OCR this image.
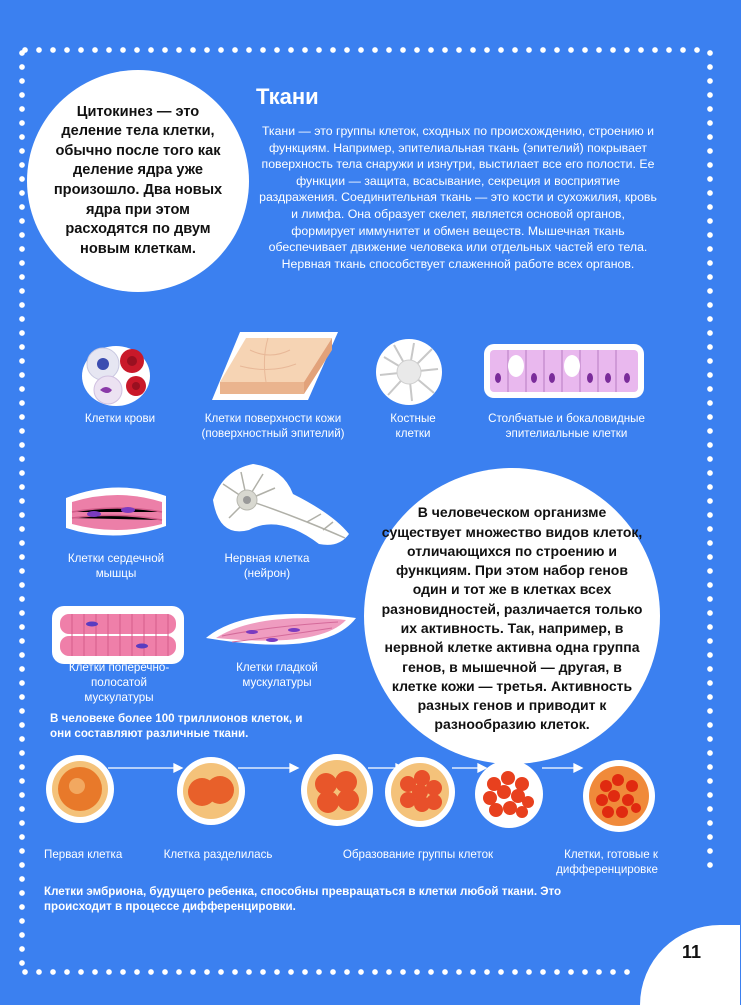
Цитокинез — это деление тела клетки, обычно после того как деление ядра уже произошло. Два новых ядра при этом расходятся по двум новым клеткам.

Ткани
Ткани — это группы клеток, сходных по происхождению, строению и функциям. Например, эпителиальная ткань (эпителий) покрывает поверхность тела снаружи и изнутри, выстилает все его полости. Ее функции — защита, всасывание, секреция и восприятие раздражения. Соединительная ткань — это кости и сухожилия, кровь и лимфа. Она образует скелет, является основой органов, формирует иммунитет и обмен веществ. Мышечная ткань обеспечивает движение человека или отдельных частей его тела. Нервная ткань способствует слаженной работе всех органов.
Клетки крови	Клетки поверхности кожи (поверхностный эпителий)
Костные клетки
Столбчатые и бокаловидные эпителиальные клетки
Клетки сердечной мышцы
Нервная клетка (нейрон)
Клетки поперечно-полосатой мускулатуры
Клетки гладкой мускулатуры
В человеке более 100 триллионов клеток, и они составляют различные ткани.

В человеческом организме существует множество видов клеток, отличающихся по строению и функциям. При этом набор генов один и тот же в клетках всех разновидностей, различается только их активность. Так, например, в нервной клетке активна одна группа генов, в мышечной — другая, в клетке кожи — третья. Активность разных генов и приводит к разнообразию клеток.

Первая клетка	Клетка разделилась	Образование группы клеток	Клетки, готовые к дифференцировке
Клетки эмбриона, будущего ребенка, способны превращаться в клетки любой ткани. Это происходит в процессе дифференцировки.
11
